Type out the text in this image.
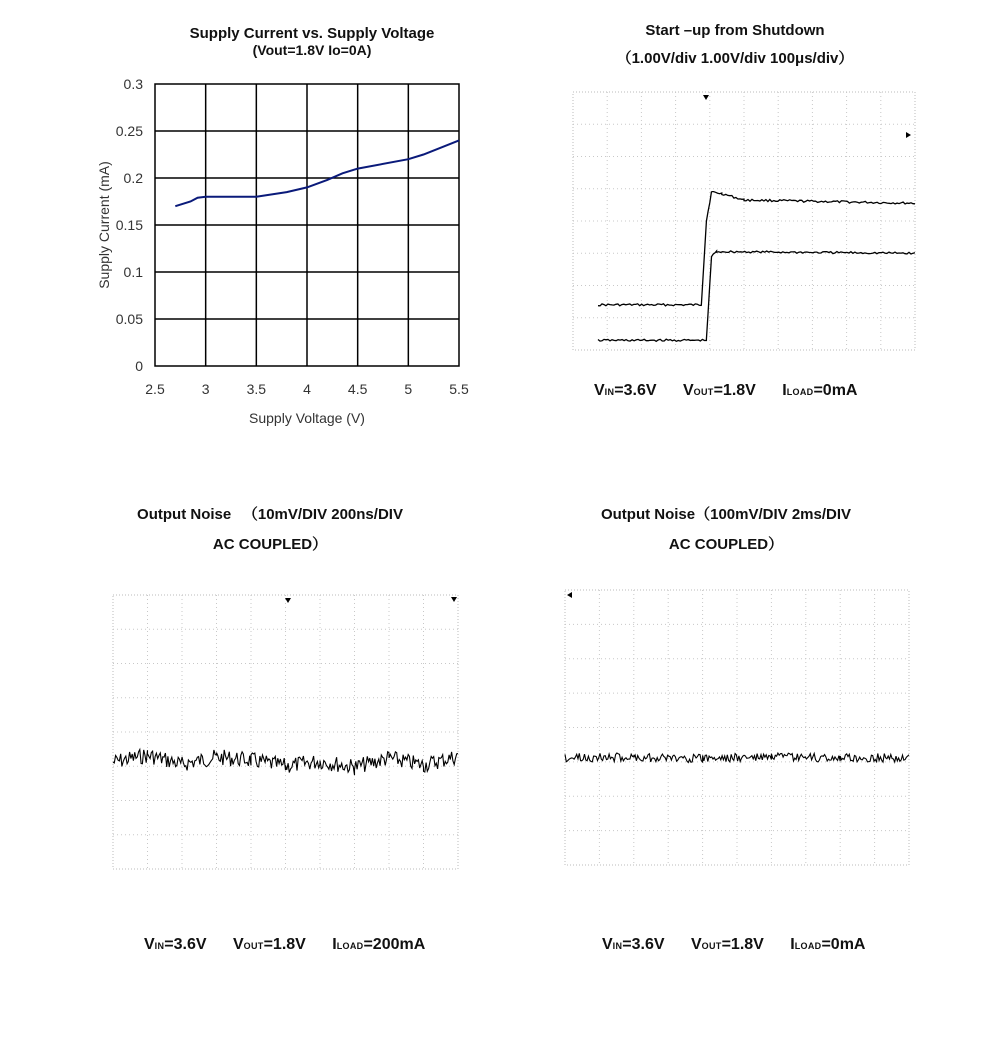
Supply Current vs. Supply Voltage
(Vout=1.8V Io=0A)
2.5	3	3.5	4	4.5	5	5.5
0
0.05
0.1
0.15
0.2
0.25
0.3
Supply Voltage (V)
Supply Current (mA)
Start –up from Shutdown
（1.00V/div 1.00V/div 100μs/div）
VIN=3.6V VOUT=1.8V ILOAD=0mA
Output Noise 　（10mV/DIV 200ns/DIV
AC COUPLED）
VIN=3.6V VOUT=1.8V ILOAD=200mA
Output Noise（100mV/DIV 2ms/DIV
AC COUPLED）
VIN=3.6V VOUT=1.8V ILOAD=0mA
